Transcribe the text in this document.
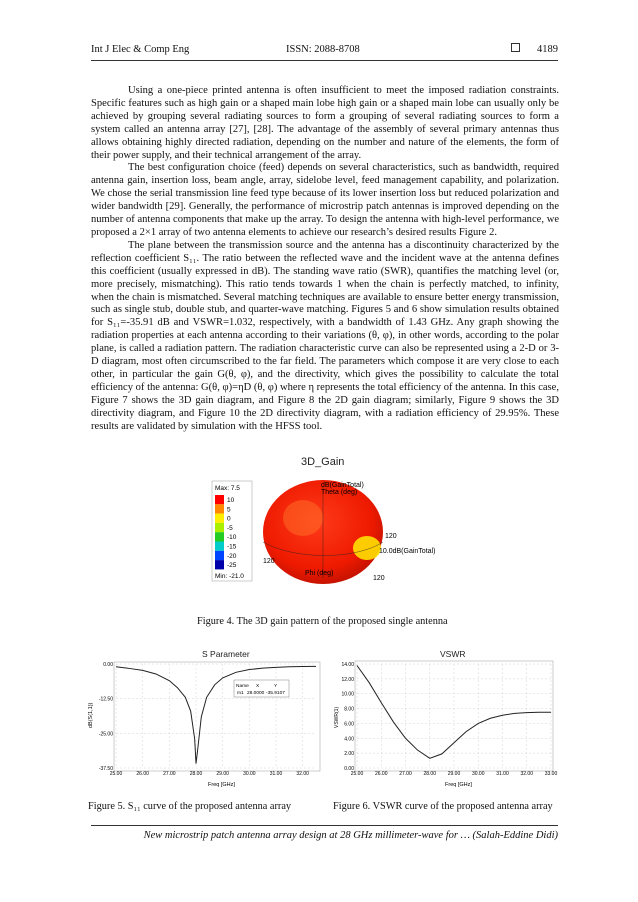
Int J Elec & Comp Eng	ISSN: 2088-8708	4189

Using a one-piece printed antenna is often insufficient to meet the imposed radiation constraints. Specific features such as high gain or a shaped main lobe high gain or a shaped main lobe can usually only be achieved by grouping several radiating sources to form a grouping of several radiating sources to form a system called an antenna array [27], [28]. The advantage of the assembly of several primary antennas thus allows obtaining highly directed radiation, depending on the number and nature of the elements, the form of their power supply, and their technical arrangement of the array.

The best configuration choice (feed) depends on several characteristics, such as bandwidth, required antenna gain, insertion loss, beam angle, array, sidelobe level, feed management capability, and polarization. We chose the serial transmission line feed type because of its lower insertion loss but reduced polarization and wider bandwidth [29]. Generally, the performance of microstrip patch antennas is improved depending on the number of antenna components that make up the array. To design the antenna with high-level performance, we proposed a 2×1 array of two antenna elements to achieve our research’s desired results Figure 2.

The plane between the transmission source and the antenna has a discontinuity characterized by the reflection coefficient S₁₁. The ratio between the reflected wave and the incident wave at the antenna defines this coefficient (usually expressed in dB). The standing wave ratio (SWR), quantifies the matching level (or, more precisely, mismatching). This ratio tends towards 1 when the chain is perfectly matched, to infinity, when the chain is mismatched. Several matching techniques are available to ensure better energy transmission, such as single stub, double stub, and quarter-wave matching. Figures 5 and 6 show simulation results obtained for S₁₁=-35.91 dB and VSWR=1.032, respectively, with a bandwidth of 1.43 GHz. Any graph showing the radiation properties at each antenna according to their variations (θ, φ), in other words, according to the polar plane, is called a radiation pattern. The radiation characteristic curve can also be represented using a 2-D or 3-D diagram, most often circumscribed to the far field. The parameters which compose it are very close to each other, in particular the gain G(θ, φ), and the directivity, which gives the possibility to calculate the total efficiency of the antenna: G(θ, φ)=ηD (θ, φ) where η represents the total efficiency of the antenna. In this case, Figure 7 shows the 3D gain diagram, and Figure 8 the 2D gain diagram; similarly, Figure 9 shows the 3D directivity diagram, and Figure 10 the 2D directivity diagram, with a radiation efficiency of 29.95%. These results are validated by simulation with the HFSS tool.

3D_Gain
Max: 7.5
10
5
0
-5
-10
-15
-20
-25
Min: -21.0
dB(GainTotal)
Theta (deg)
10.0dB(GainTotal)
Phi (deg)
120
120
120
Figure 4. The 3D gain pattern of the proposed single antenna
S Parameter
0.00
-12.50
-25.00
-37.50
25.00	26.00	27.00	28.00	29.00	30.00	31.00	32.00
Name X	Y
m1 28.0000 -35.9107
dB(S(1,1))
Freq [GHz]
Figure 5. S₁₁ curve of the proposed antenna array
VSWR
14.00
12.00
10.00
8.00
6.00
4.00
2.00
0.00
25.00 26.00 27.00 28.00 29.00 30.00 31.00 32.00 33.00
VSWR(1)
Freq [GHz]
Figure 6. VSWR curve of the proposed antenna array
New microstrip patch antenna array design at 28 GHz millimeter-wave for … (Salah-Eddine Didi)
